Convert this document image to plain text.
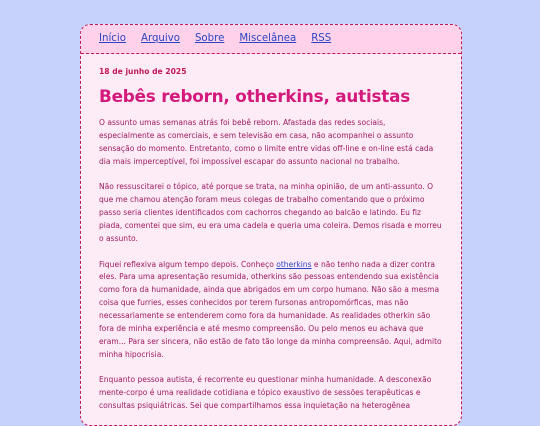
Início Arquivo Sobre Miscelânea RSS
18 de junho de 2025
Bebês reborn, otherkins, autistas

O assunto umas semanas atrás foi bebê reborn. Afastada das redes sociais, especialmente as comerciais, e sem televisão em casa, não acompanhei o assunto sensação do momento. Entretanto, como o limite entre vidas off-line e on-line está cada dia mais imperceptível, foi impossível escapar do assunto nacional no trabalho.

Não ressuscitarei o tópico, até porque se trata, na minha opinião, de um anti-assunto. O que me chamou atenção foram meus colegas de trabalho comentando que o próximo passo seria clientes identificados com cachorros chegando ao balcão e latindo. Eu fiz piada, comentei que sim, eu era uma cadela e queria uma coleira. Demos risada e morreu o assunto.

Fiquei reflexiva algum tempo depois. Conheço otherkins e não tenho nada a dizer contra eles. Para uma apresentação resumida, otherkins são pessoas entendendo sua existência como fora da humanidade, ainda que abrigados em um corpo humano. Não são a mesma coisa que furries, esses conhecidos por terem fursonas antropomórficas, mas não necessariamente se entenderem como fora da humanidade. As realidades otherkin são fora de minha experiência e até mesmo compreensão. Ou pelo menos eu achava que eram... Para ser sincera, não estão de fato tão longe da minha compreensão. Aqui, admito minha hipocrisia.

Enquanto pessoa autista, é recorrente eu questionar minha humanidade. A desconexão mente-corpo é uma realidade cotidiana e tópico exaustivo de sessões terapêuticas e consultas psiquiátricas. Sei que compartilhamos essa inquietação na heterogênea
